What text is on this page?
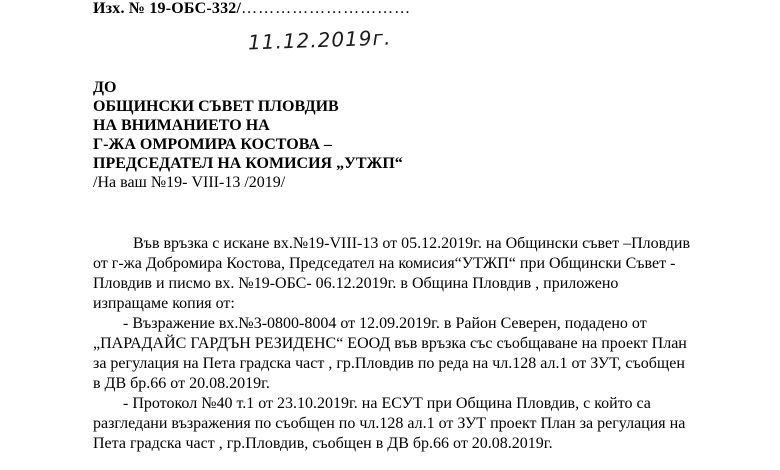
Изх. № 19-ОБС-332/…………………………
11.12.2019г.
ДО
ОБЩИНСКИ СЪВЕТ ПЛОВДИВ
НА ВНИМАНИЕТО НА
Г-ЖА ОМРОМИРА КОСТОВА –
ПРЕДСЕДАТЕЛ НА КОМИСИЯ „УТЖП“
/На ваш №19- VIII-13 /2019/
Във връзка с искане вх.№19-VIII-13 от 05.12.2019г. на Общински съвет –Пловдив
от г-жа Добромира Костова, Председател на комисия“УТЖП“ при Общински Съвет -
Пловдив и писмо вх. №19-ОБС- 06.12.2019г. в Община Пловдив , приложено
изпращаме копия от:
- Възражение вх.№3-0800-8004 от 12.09.2019г. в Район Северен, подадено от
„ПАРАДАЙС ГАРДЪН РЕЗИДЕНС“ ЕООД във връзка със съобщаване на проект План
за регулация на Пета градска част , гр.Пловдив по реда на чл.128 ал.1 от ЗУТ, съобщен
в ДВ бр.66 от 20.08.2019г.
- Протокол №40 т.1 от 23.10.2019г. на ЕСУТ при Община Пловдив, с който са
разгледани възражения по съобщен по чл.128 ал.1 от ЗУТ проект План за регулация на
Пета градска част , гр.Пловдив, съобщен в ДВ бр.66 от 20.08.2019г.
